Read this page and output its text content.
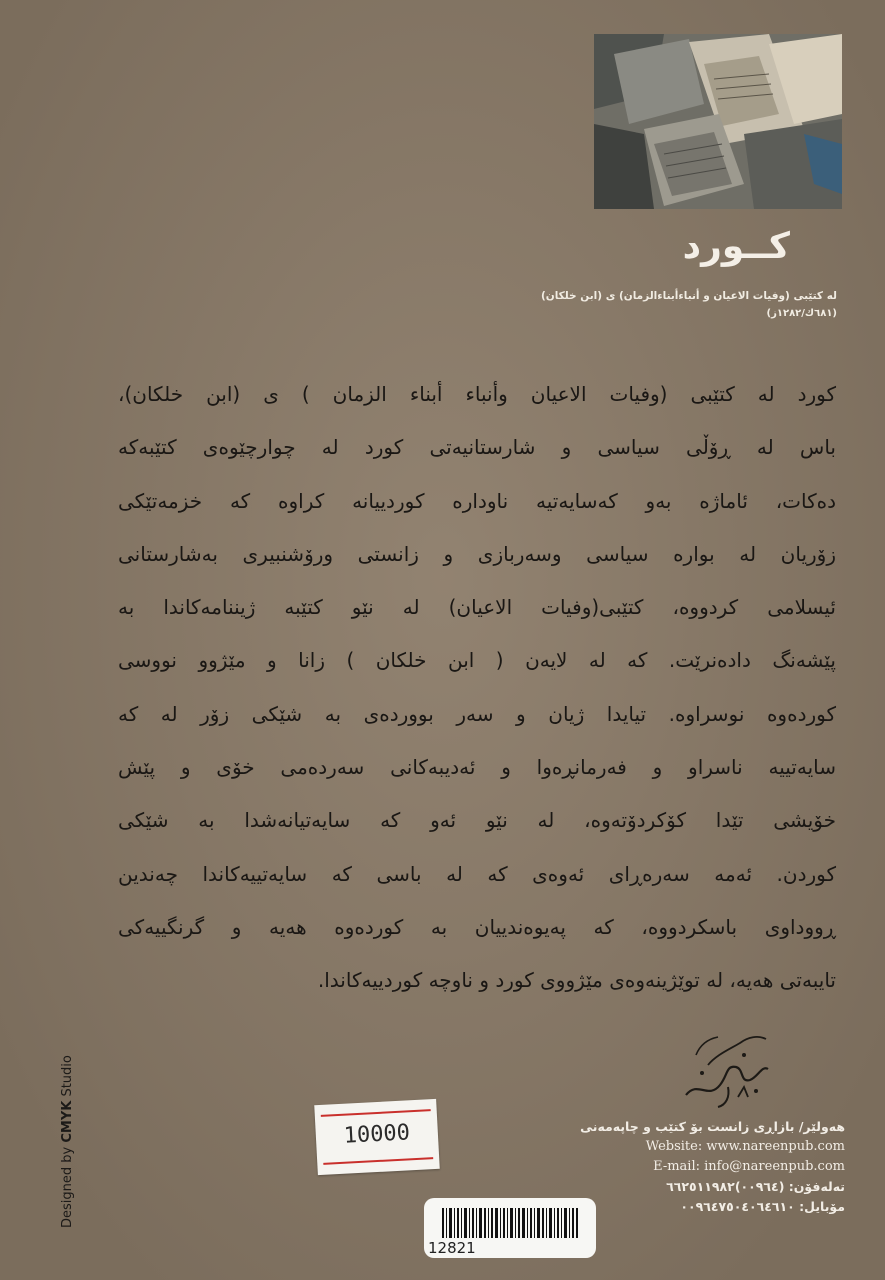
كــورد
لە كتێبی (وفیات الاعیان و أنباءأبناءالزمان) ی (ابن خلكان)
(٦٨١ك/١٢٨٢ز)
كورد لە كتێبی (وفیات الاعیان وأنباء أبناء الزمان ) ی (ابن خلكان)،
باس لە ڕۆڵی سیاسی و شارستانیەتی كورد لە چوارچێوەی كتێبەكە
دەكات، ئاماژە بەو كەسایەتیە ناودارە كوردییانە كراوە كە خزمەتێكی
زۆریان لە بوارە سیاسی وسەربازی و زانستی ورۆشنبیری بەشارستانی
ئیسلامی كردووە، كتێبی(وفیات الاعیان) لە نێو كتێبە ژیننامەكاندا بە
پێشەنگ دادەنرێت. كە لە لایەن ( ابن خلكان ) زانا و مێژوو نووسی
كوردەوە نوسراوە. تیایدا ژیان و سەر بووردەی بە شێكی زۆر لە كە
سایەتییە ناسراو و فەرمانڕەوا و ئەدیبەكانی سەردەمی خۆی و پێش
خۆیشی تێدا كۆكردۆتەوە، لە نێو ئەو كە سایەتیانەشدا بە شێكی
كوردن. ئەمە سەرەڕای ئەوەی كە لە باسی كە سایەتییەكاندا چەندین
ڕووداوی باسكردووە، كە پەیوەندییان بە كوردەوە هەیە و گرنگییەكی
تایبەتی هەیە، لە توێژینەوەی مێژووی كورد و ناوچە كوردییەكاندا.
Designed by CMYK Studio
10000	هەولێر/ بازاڕی زانست بۆ كتێب و چاپەمەنی
Website: www.nareenpub.com
E-mail: info@nareenpub.com
تەلەفۆن: (٠٠٩٦٤)٦٦٢٥١١٩٨٢
مۆبایل: ٠٠٩٦٤٧٥٠٤٠٦٤٦١٠
12821
